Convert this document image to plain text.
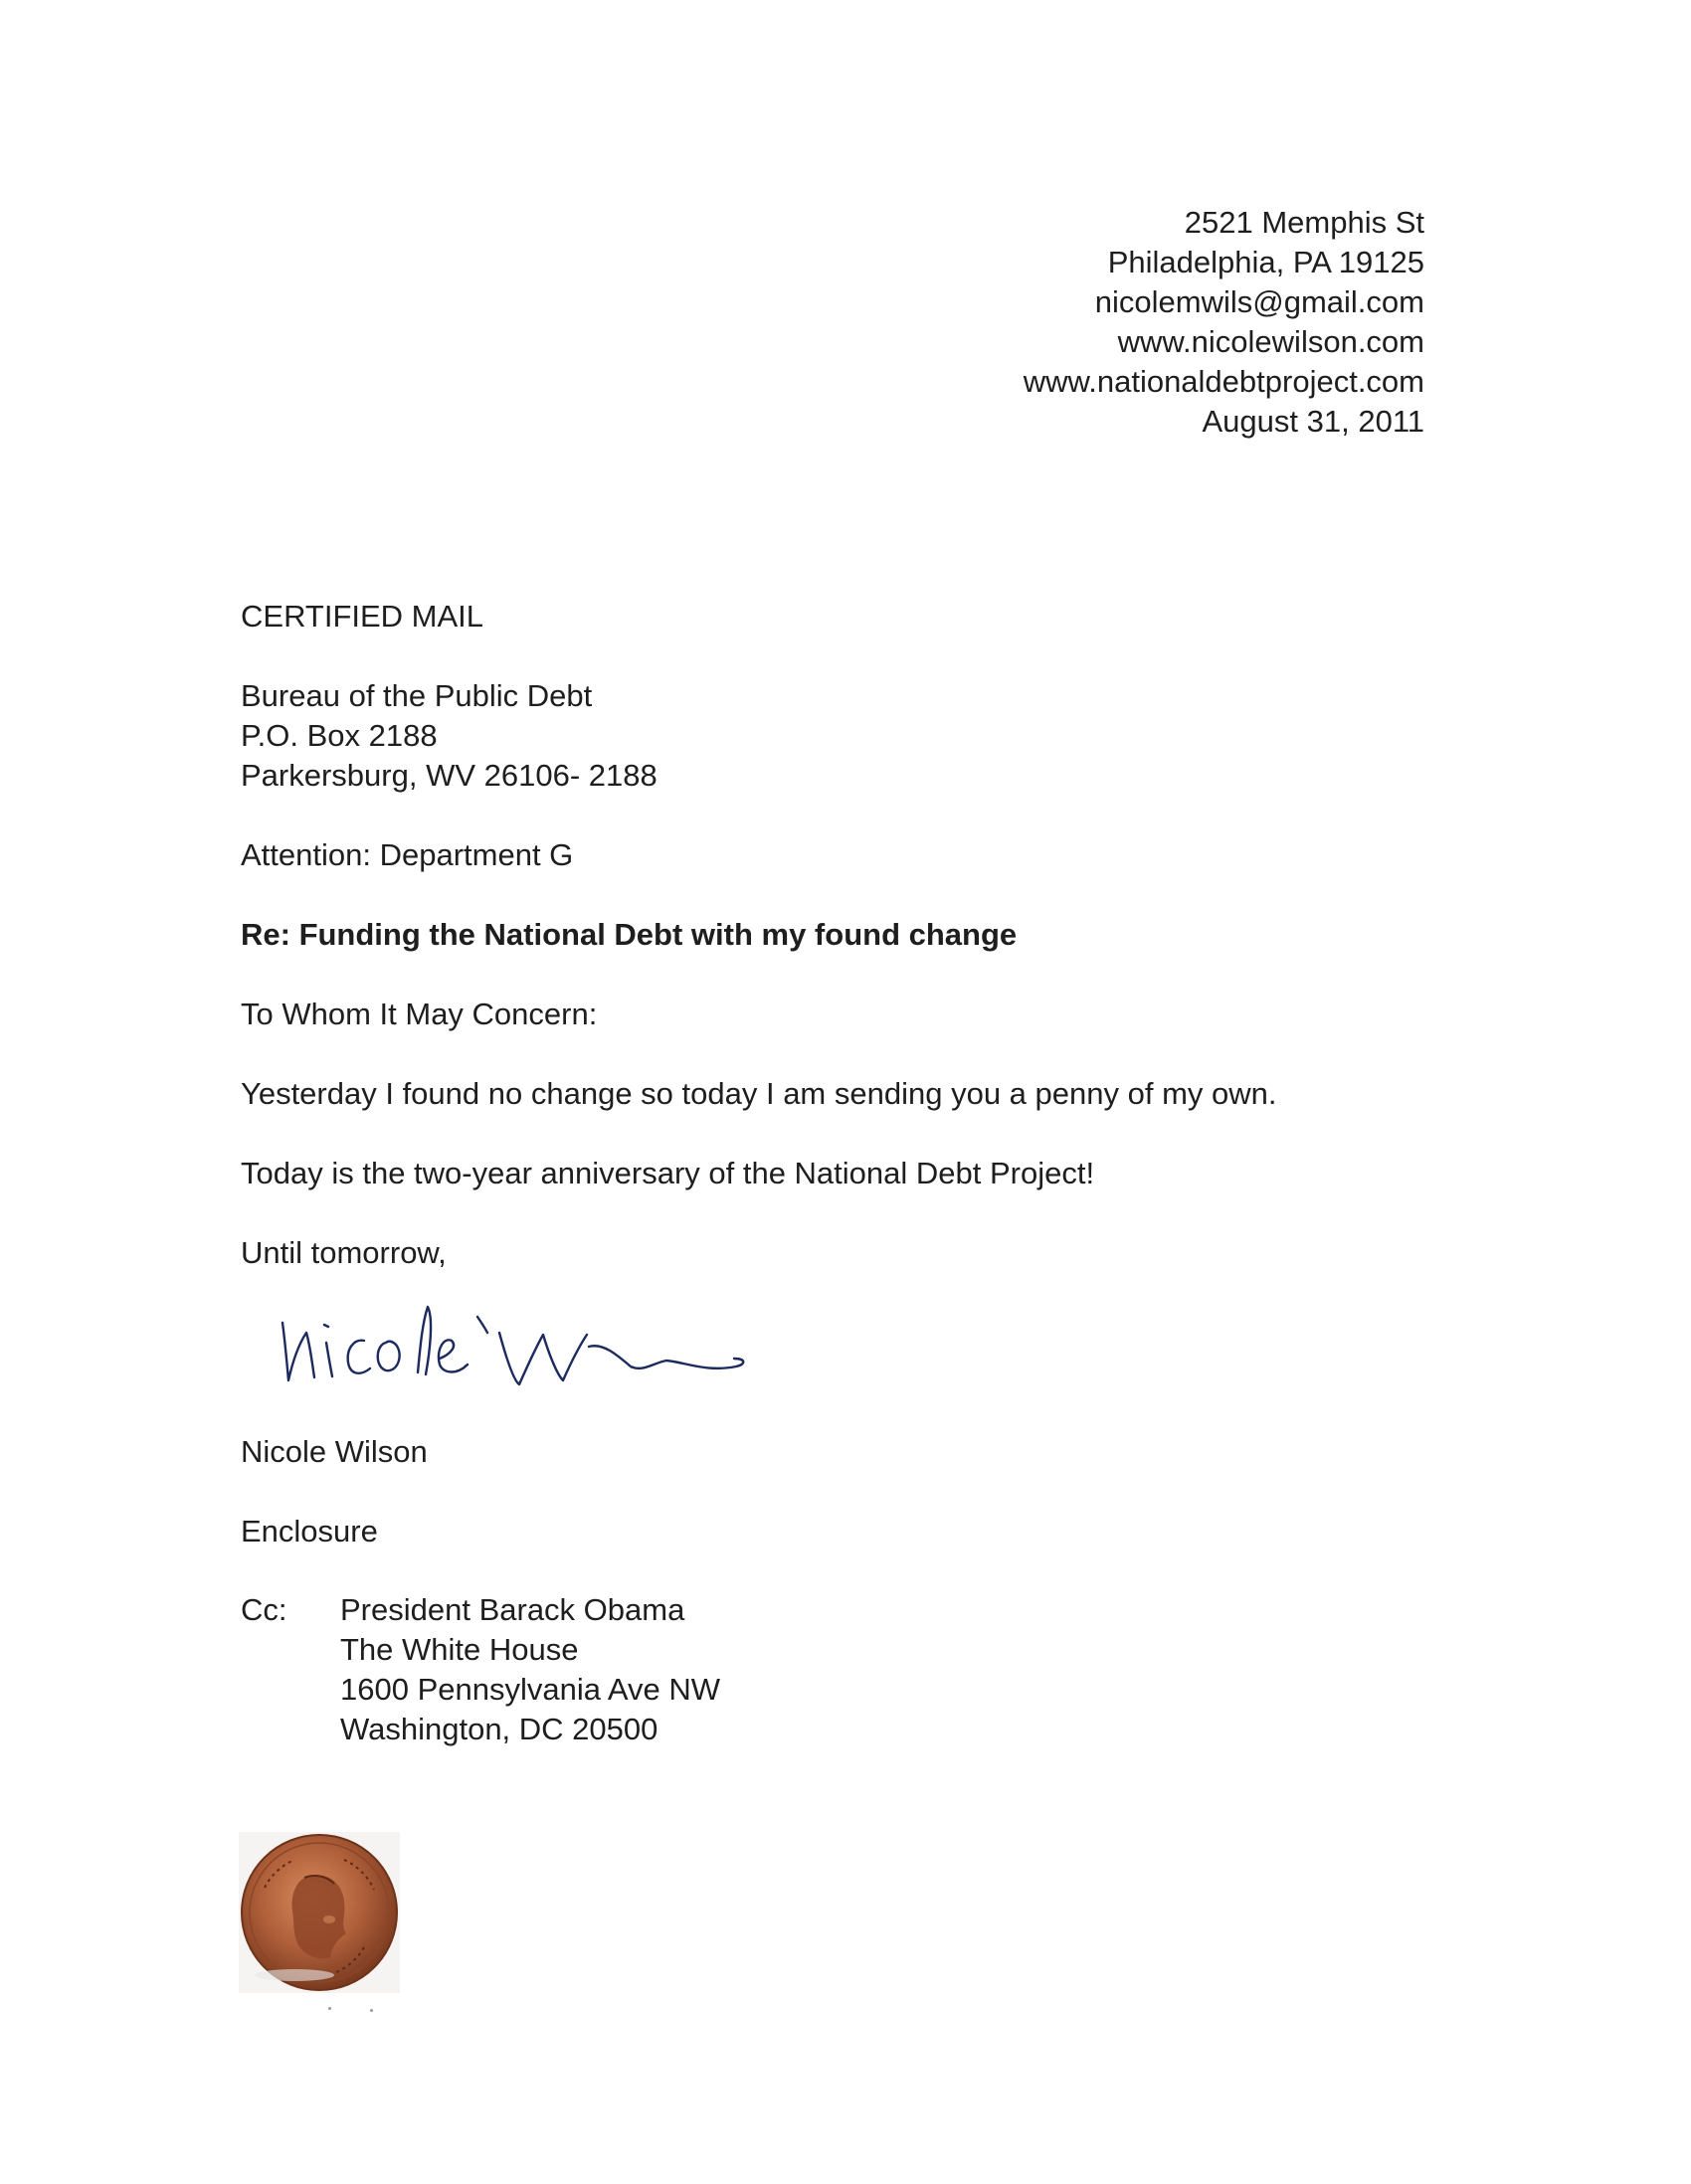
2521 Memphis St
Philadelphia, PA 19125
nicolemwils@gmail.com
www.nicolewilson.com
www.nationaldebtproject.com
August 31, 2011
CERTIFIED MAIL
Bureau of the Public Debt
P.O. Box 2188
Parkersburg, WV 26106- 2188
Attention: Department G
Re: Funding the National Debt with my found change
To Whom It May Concern:
Yesterday I found no change so today I am sending you a penny of my own.
Today is the two-year anniversary of the National Debt Project!
Until tomorrow,
Nicole Wilson
Enclosure
Cc: President Barack Obama
The White House
1600 Pennsylvania Ave NW
Washington, DC 20500
